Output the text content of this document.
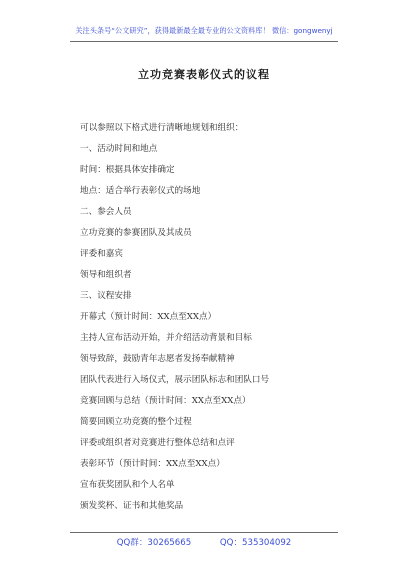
关注头条号“公文研究”，获得最新最全最专业的公文资料库！ 微信：gongwenyj
立功竞赛表彰仪式的议程
可以参照以下格式进行清晰地规划和组织：
一、活动时间和地点
时间：根据具体安排确定
地点：适合举行表彰仪式的场地
二、参会人员
立功竞赛的参赛团队及其成员
评委和嘉宾
领导和组织者
三、议程安排
开幕式（预计时间：XX点至XX点）
主持人宣布活动开始，并介绍活动背景和目标
领导致辞，鼓励青年志愿者发扬奉献精神
团队代表进行入场仪式，展示团队标志和团队口号
竞赛回顾与总结（预计时间：XX点至XX点）
简要回顾立功竞赛的整个过程
评委或组织者对竞赛进行整体总结和点评
表彰环节（预计时间：XX点至XX点）
宣布获奖团队和个人名单
颁发奖杯、证书和其他奖品
QQ群：30265665	QQ：535304092
